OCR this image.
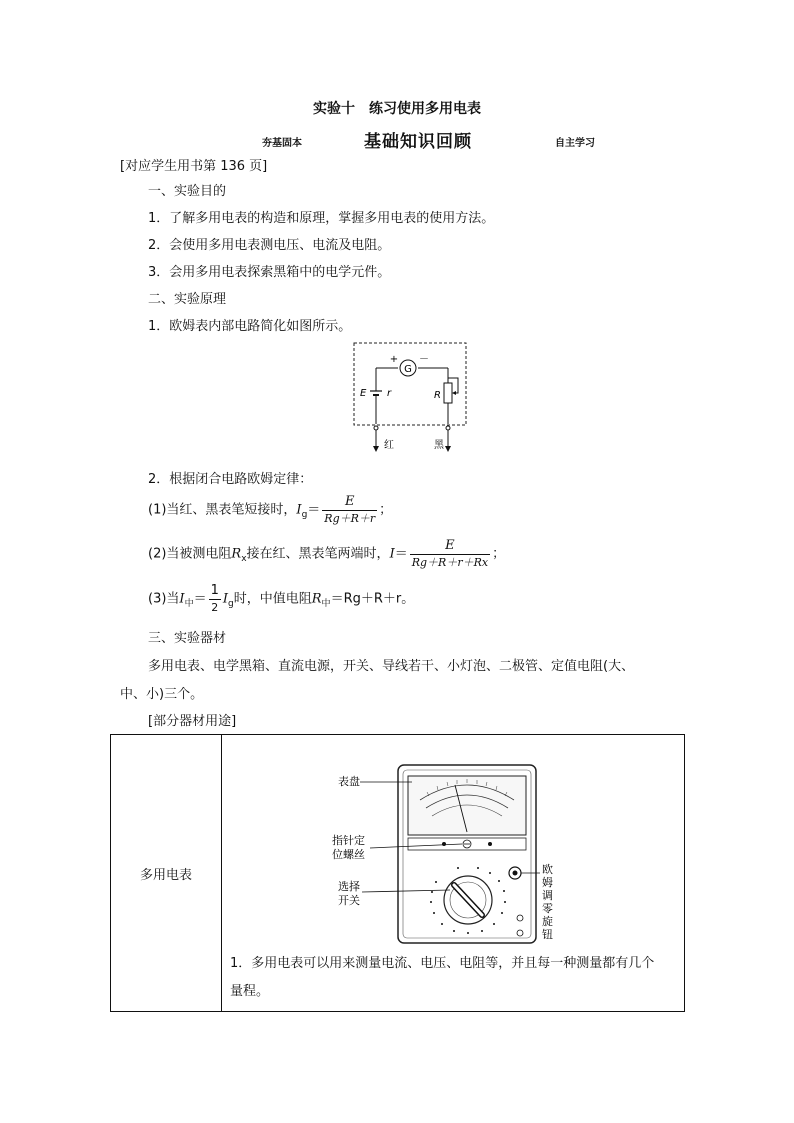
实验十　练习使用多用电表
夯基固本	基础知识回顾	自主学习
[对应学生用书第 136 页]
一、实验目的
1．了解多用电表的构造和原理，掌握多用电表的使用方法。
2．会使用多用电表测电压、电流及电阻。
3．会用多用电表探索黑箱中的电学元件。
二、实验原理
1．欧姆表内部电路简化如图所示。
G
+ －
E r	R
红	黑
2．根据闭合电路欧姆定律：
(1)当红、黑表笔短接时，$I_g= \frac{E}{Rg+R+r}$ ；
(2)当被测电阻$R_x$接在红、黑表笔两端时，$I= \frac{E}{Rg+R+r+Rx}$ ；
(3)当$I_中= \frac{1}{2} I_g$时，中值电阻$R_中=Rg+R+r$。
三、实验器材
多用电表、电学黑箱、直流电源，开关、导线若干、小灯泡、二极管、定值电阻(大、
中、小)三个。
[部分器材用途]
多用电表	
表盘
指针定
位螺丝
选择
开关
欧
姆
调
零
旋
钮
1．多用电表可以用来测量电流、电压、电阻等，并且每一种测量都有几个
量程。
